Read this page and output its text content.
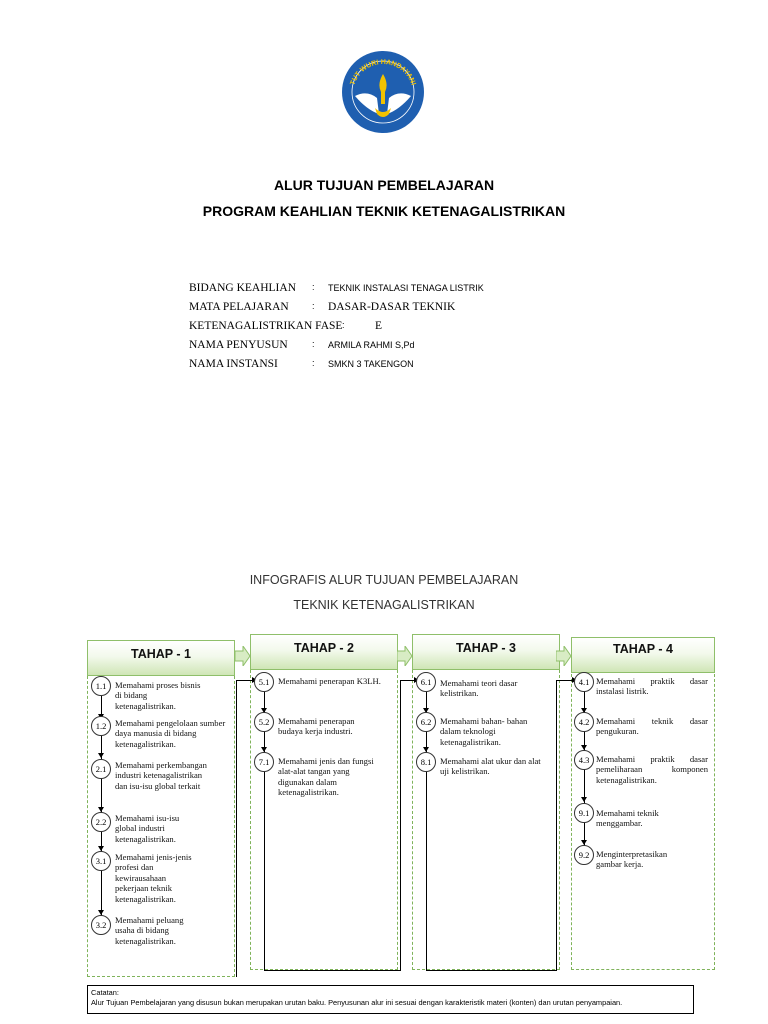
TUT WURI HANDAYANI
ALUR TUJUAN PEMBELAJARAN
PROGRAM KEAHLIAN TEKNIK KETENAGALISTRIKAN
BIDANG KEAHLIAN : TEKNIK INSTALASI TENAGA LISTRIK
MATA PELAJARAN	: DASAR-DASAR TEKNIK
KETENAGALISTRIKAN FASE :	E
NAMA PENYUSUN	: ARMILA RAHMI S,Pd
NAMA INSTANSI	: SMKN 3 TAKENGON
INFOGRAFIS ALUR TUJUAN PEMBELAJARAN
TEKNIK KETENAGALISTRIKAN
TAHAP - 1	TAHAP - 2	TAHAP - 3	TAHAP - 4
1.1	Memahami proses bisnis di bidang ketenagalistrikan.
1.2	Memahami pengelolaan sumber daya manusia di bidang ketenagalistrikan.
2.1	Memahami perkembangan industri ketenagalistrikan dan isu-isu global terkait
2.2	Memahami isu-isu global industri ketenagalistrikan.
3.1	Memahami jenis-jenis profesi dan kewirausahaan pekerjaan teknik ketenagalistrikan.
3.2	Memahami peluang usaha di bidang ketenagalistrikan.
5.1	Memahami penerapan K3LH.
5.2	Memahami penerapan budaya kerja industri.
7.1	Memahami jenis dan fungsi alat-alat tangan yang digunakan dalam ketenagalistrikan.
6.1	Memahami teori dasar kelistrikan.
6.2	Memahami bahan- bahan dalam teknologi ketenagalistrikan.
8.1	Memahami alat ukur dan alat uji kelistrikan.
4.1 Memahami praktik dasar instalasi listrik.
4.2 Memahami teknik dasar pengukuran.
4.3 Memahami praktik dasar pemeliharaan komponen ketenagalistrikan.
9.1 Memahami teknik menggambar.
9.2 Menginterpretasikan gambar kerja.
Catatan:
Alur Tujuan Pembelajaran yang disusun bukan merupakan urutan baku. Penyusunan alur ini sesuai dengan karakteristik materi (konten) dan urutan penyampaian.
